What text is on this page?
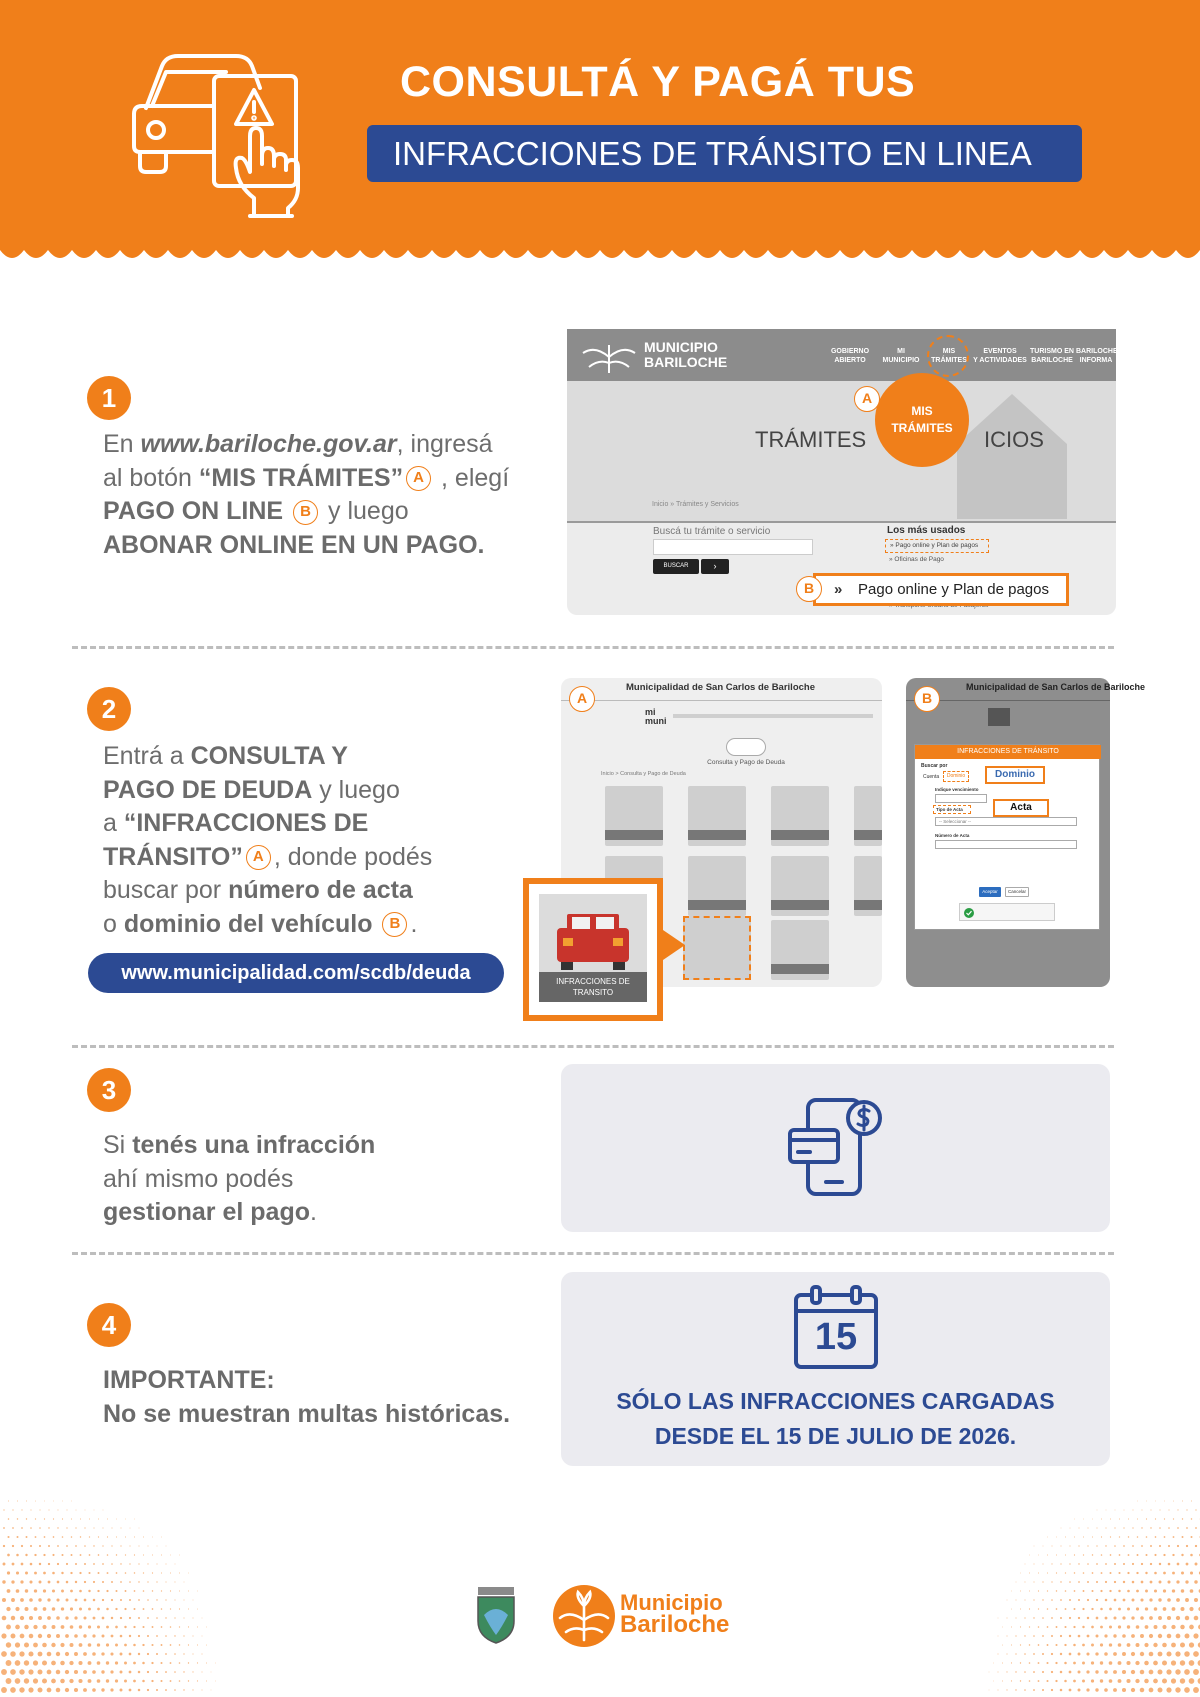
CONSULTÁ Y PAGÁ TUS
INFRACCIONES DE TRÁNSITO EN LINEA
1
En www.bariloche.gov.ar, ingresá
al botón “MIS TRÁMITES” A , elegí
PAGO ON LINE B y luego
ABONAR ONLINE EN UN PAGO.
MUNICIPIO
BARILOCHE
GOBIERNO
ABIERTO
MI
MUNICIPIO
MIS
TRÁMITES
EVENTOS
Y ACTIVIDADES
TURISMO EN
BARILOCHE
BARILOCHE
INFORMA
TRÁMITES	ICIOS
MIS
TRÁMITES
A
Inicio » Trámites y Servicios
Buscá tu trámite o servicio
BUSCAR	›
Los más usados
» Pago online y Plan de pagos
» Oficinas de Pago
» Pago online y Plan de pagos
B
2
Entrá a CONSULTA Y
PAGO DE DEUDA y luego
a “INFRACCIONES DE
TRÁNSITO” A , donde podés
buscar por número de acta
o dominio del vehículo B .
www.municipalidad.com/scdb/deuda
Municipalidad de San Carlos de Bariloche
mi muni
Consulta y Pago de Deuda
Inicio > Consulta y Pago de Deuda
A
INFRACCIONES DE
TRANSITO
Municipalidad de San Carlos de Bariloche
B
INFRACCIONES DE TRÁNSITO
Buscar por
Cuenta	Dominio	Dominio
Indique vencimiento
Tipo de Acta	Acta
-- Seleccionar --
Número de Acta
Aceptar	Cancelar
3
Si tenés una infracción
ahí mismo podés
gestionar el pago.
4
IMPORTANTE:
No se muestran multas históricas.
15
SÓLO LAS INFRACCIONES CARGADAS
DESDE EL 15 DE JULIO DE 2026.
Municipio
Bariloche
